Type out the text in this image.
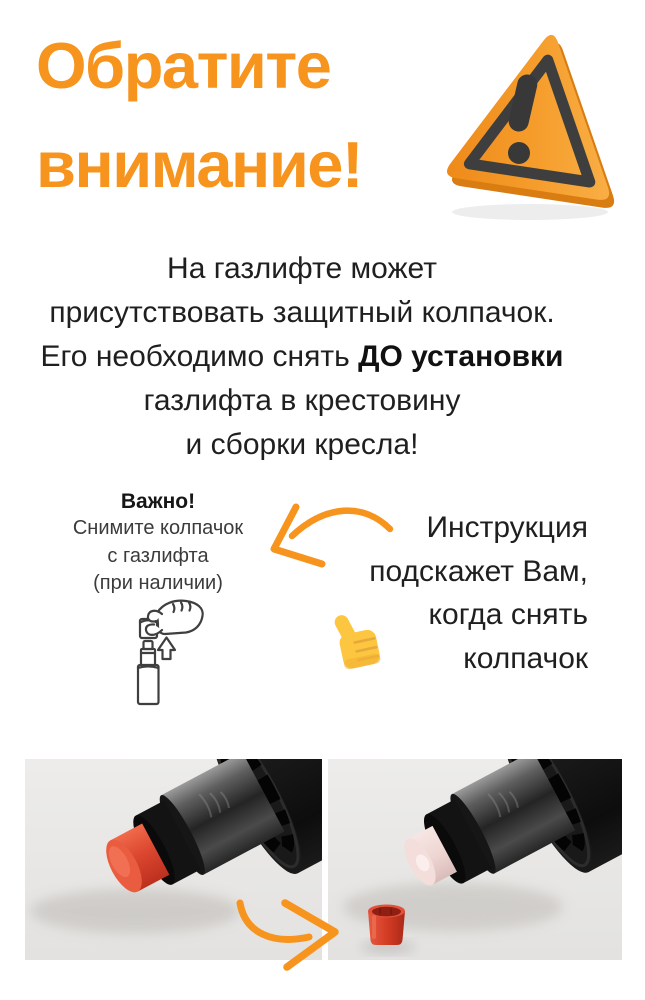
Обратите
внимание!
На газлифте может
присутствовать защитный колпачок.
Его необходимо снять ДО установки
газлифта в крестовину
и сборки кресла!
Важно!
Снимите колпачок
с газлифта
(при наличии)
Инструкция
подскажет Вам,
когда снять
колпачок
